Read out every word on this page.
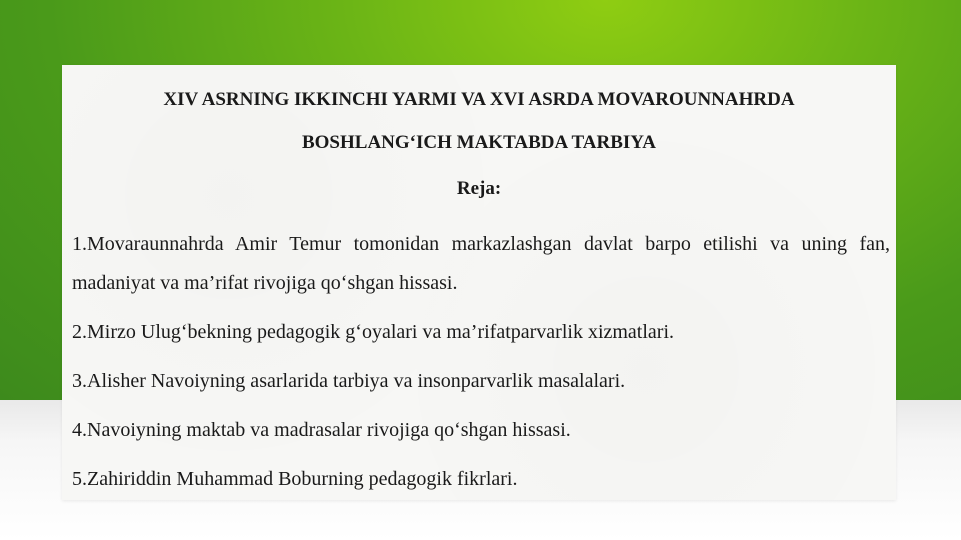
XIV ASRNING IKKINCHI YARMI VA XVI ASRDA MOVAROUNNAHRDA

BOSHLANG‘ICH MAKTABDA TARBIYA

Reja:

1.Movaraunnahrda Amir Temur tomonidan markazlashgan davlat barpo etilishi va uning fan, madaniyat va ma’rifat rivojiga qo‘shgan hissasi.
2.Mirzo Ulug‘bekning pedagogik g‘oyalari va ma’rifatparvarlik xizmatlari.
3.Alisher Navoiyning asarlarida tarbiya va insonparvarlik masalalari.
4.Navoiyning maktab va madrasalar rivojiga qo‘shgan hissasi.
5.Zahiriddin Muhammad Boburning pedagogik fikrlari.
